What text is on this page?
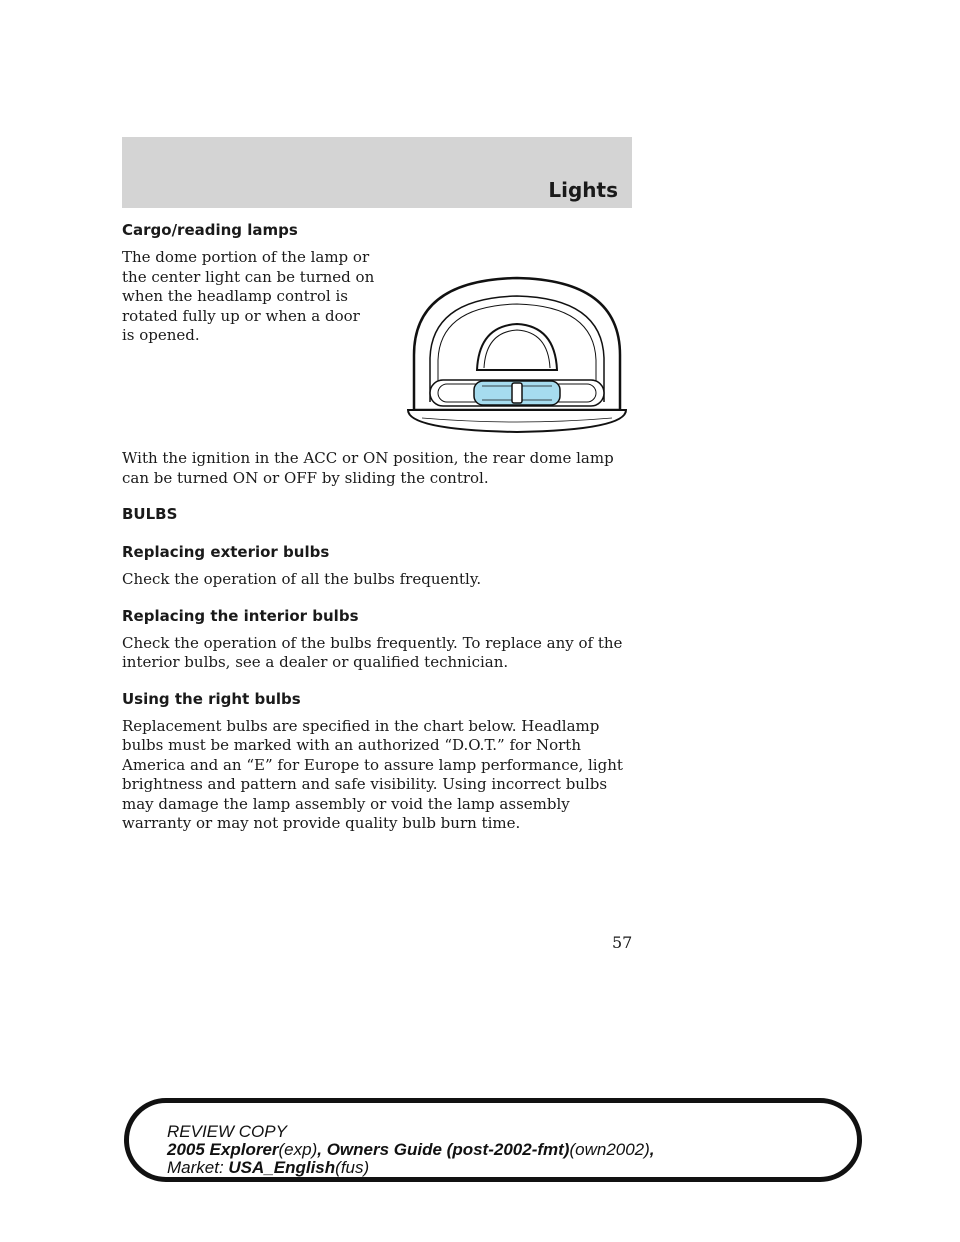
Lights
Cargo/reading lamps

The dome portion of the lamp or the center light can be turned on when the headlamp control is rotated fully up or when a door is opened.

With the ignition in the ACC or ON position, the rear dome lamp can be turned ON or OFF by sliding the control.

BULBS
Replacing exterior bulbs

Check the operation of all the bulbs frequently.

Replacing the interior bulbs

Check the operation of the bulbs frequently. To replace any of the interior bulbs, see a dealer or qualified technician.

Using the right bulbs

Replacement bulbs are specified in the chart below. Headlamp bulbs must be marked with an authorized “D.O.T.” for North America and an “E” for Europe to assure lamp performance, light brightness and pattern and safe visibility. Using incorrect bulbs may damage the lamp assembly or void the lamp assembly warranty or may not provide quality bulb burn time.

57
REVIEW COPY
2005 Explorer(exp), Owners Guide (post-2002-fmt)(own2002),
Market: USA_English(fus)
